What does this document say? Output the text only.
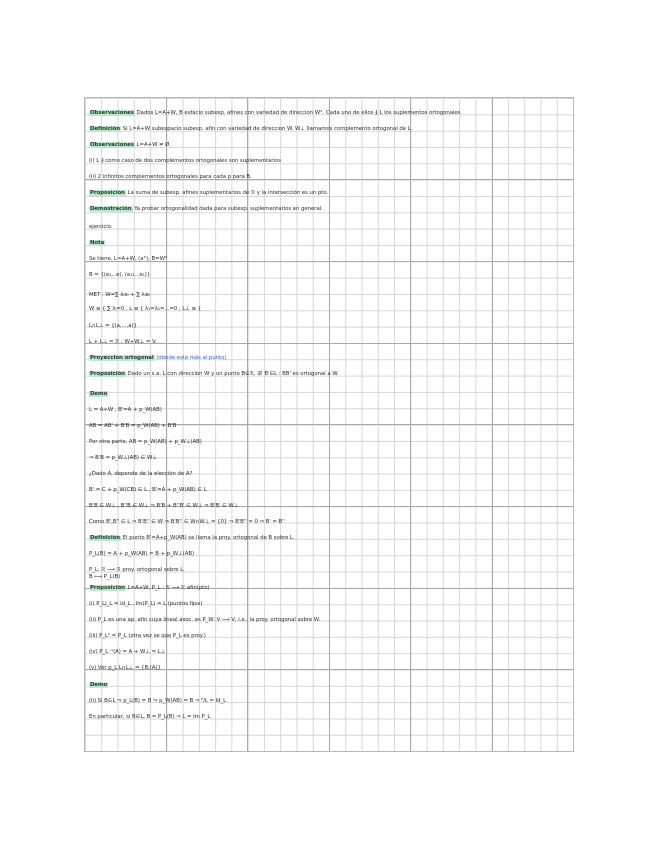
Observaciones Dados L=A+W, B esfacio subesp. afines con variedad de direccion W°. Cada uno de ellos ∮ L los suplementos ortogonales.
Definición Si L=A+W subespacio subesp. afín con variedad de direccion W. W⊥ llamamos complemento ortogonal de L.
Observaciones L=A+W ≠ Ø.
(i) L ∮ como caso de dos complementos ortogonales son suplementarios
(ii) 2 infinitos complementos ortogonales para cada p para B.
Proposición La suma de subesp. afines suplementarios de ℛ y la intersección es un pto.
Demostración Ya probar ortogonalidad dada para subesp. suplementarios en general.
ejercicio.
Nota
Se tiene, L=A+W, (a°), B=W°
B = {(e₁,..e), (e₁₁...e₁)}
MET : W=∑ λᵢeᵢ + ∑ λᵢeᵢ
W ≡ { ∑ λᵢ=0 , L ≡ { λ₁=λ₁=...=0 , L⊥ ≡ {
L∩L⊥ = {(a,...,a)}
L + L⊥ = ℛ : W+W⊥ = V.
Proyección ortogonal (dónde está más al punto)
Proposición Dado un s.a. L con dirección W y un punto B∈ℛ, ∃! B'∈L : BB' es ortogonal a W.
Demo
L = A+W , B'=A + p_W(AB)
AB = AB' + B'B = p_W(AB) + B'B
Por otra parte, AB = p_W(AB) + p_W⊥(AB)
⇒ B'B = p_W⊥(AB) ∈ W⊥
¿Dado A, depende de la elección de A?
B' = C + p_W(CB) ∈ L , B'=A + p_W(AB) ∈ L
B'B ∈ W⊥ , B''B ∈ W⊥ ⇒ B'B + B''B' ∈ W⊥ ⇒ B'B' ∈ W⊥
Como B',B'' ∈ L ⇒ B'B'' ∈ W ⇒ B'B'' ∈ W∩W⊥ = {0} ⇒ B'B'' = 0 ⇒ B' = B''
Definición El punto B'=A+p_W(AB) se llama la proy. ortogonal de B sobre L.
P_L(B) = A + p_W(AB) = B + p_W⊥(AB)
P_L: ℛ ⟶ ℛ proy. ortogonal sobre L.
B ⟼ P_L(B)
Proposición L=A+W, P_L : ℛ ⟶ ℛ afín(pto)
(i) P_L|_L = Id_L , Im(P_L) = L (puntos fijos)
(ii) P_L es una ap. afín cuya lineal asoc. es P_W: V ⟶ V, i.e., la proy. ortogonal sobre W.
(iii) P_L² = P_L (otra vez se que P_L es proy.)
(iv) P_L⁻¹(A) = A + W⊥ = L⊥
(v) Ver p_L L∩L⊥ = {B,(A)}
Demo
(ii) Si B∈L ⇒ p_L(B) = B ⇒ p_W(AB) = B ⇒ ᴾ/L = Id_L
En particular, si B∈L, B = P_L(B) ⇒ L = Im P_L
